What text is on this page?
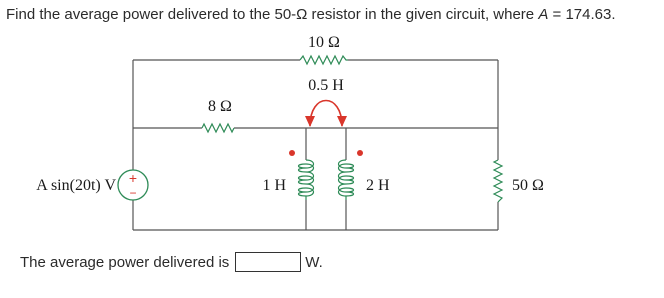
Find the average power delivered to the 50-Ω resistor in the given circuit, where A = 174.63.
+
−
10 Ω
0.5 H
8 Ω
A sin(20t) V	1 H	2 H	50 Ω
The average power delivered is	W.
